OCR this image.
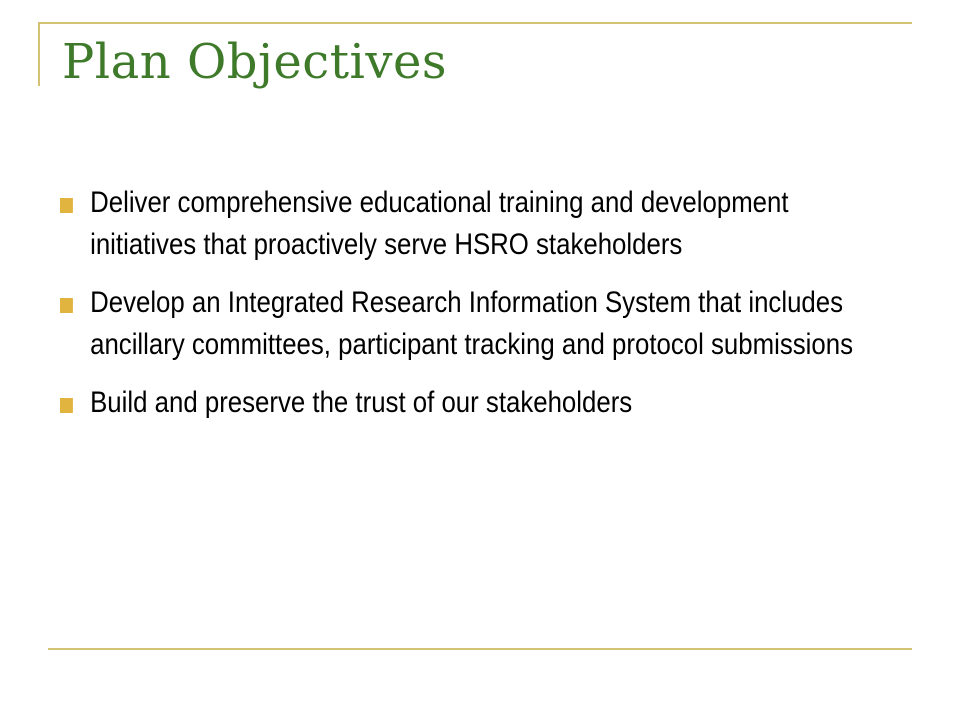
Plan Objectives
Deliver comprehensive educational training and development initiatives that proactively serve HSRO stakeholders
Develop an Integrated Research Information System that includes ancillary committees, participant tracking and protocol submissions
Build and preserve the trust of our stakeholders
